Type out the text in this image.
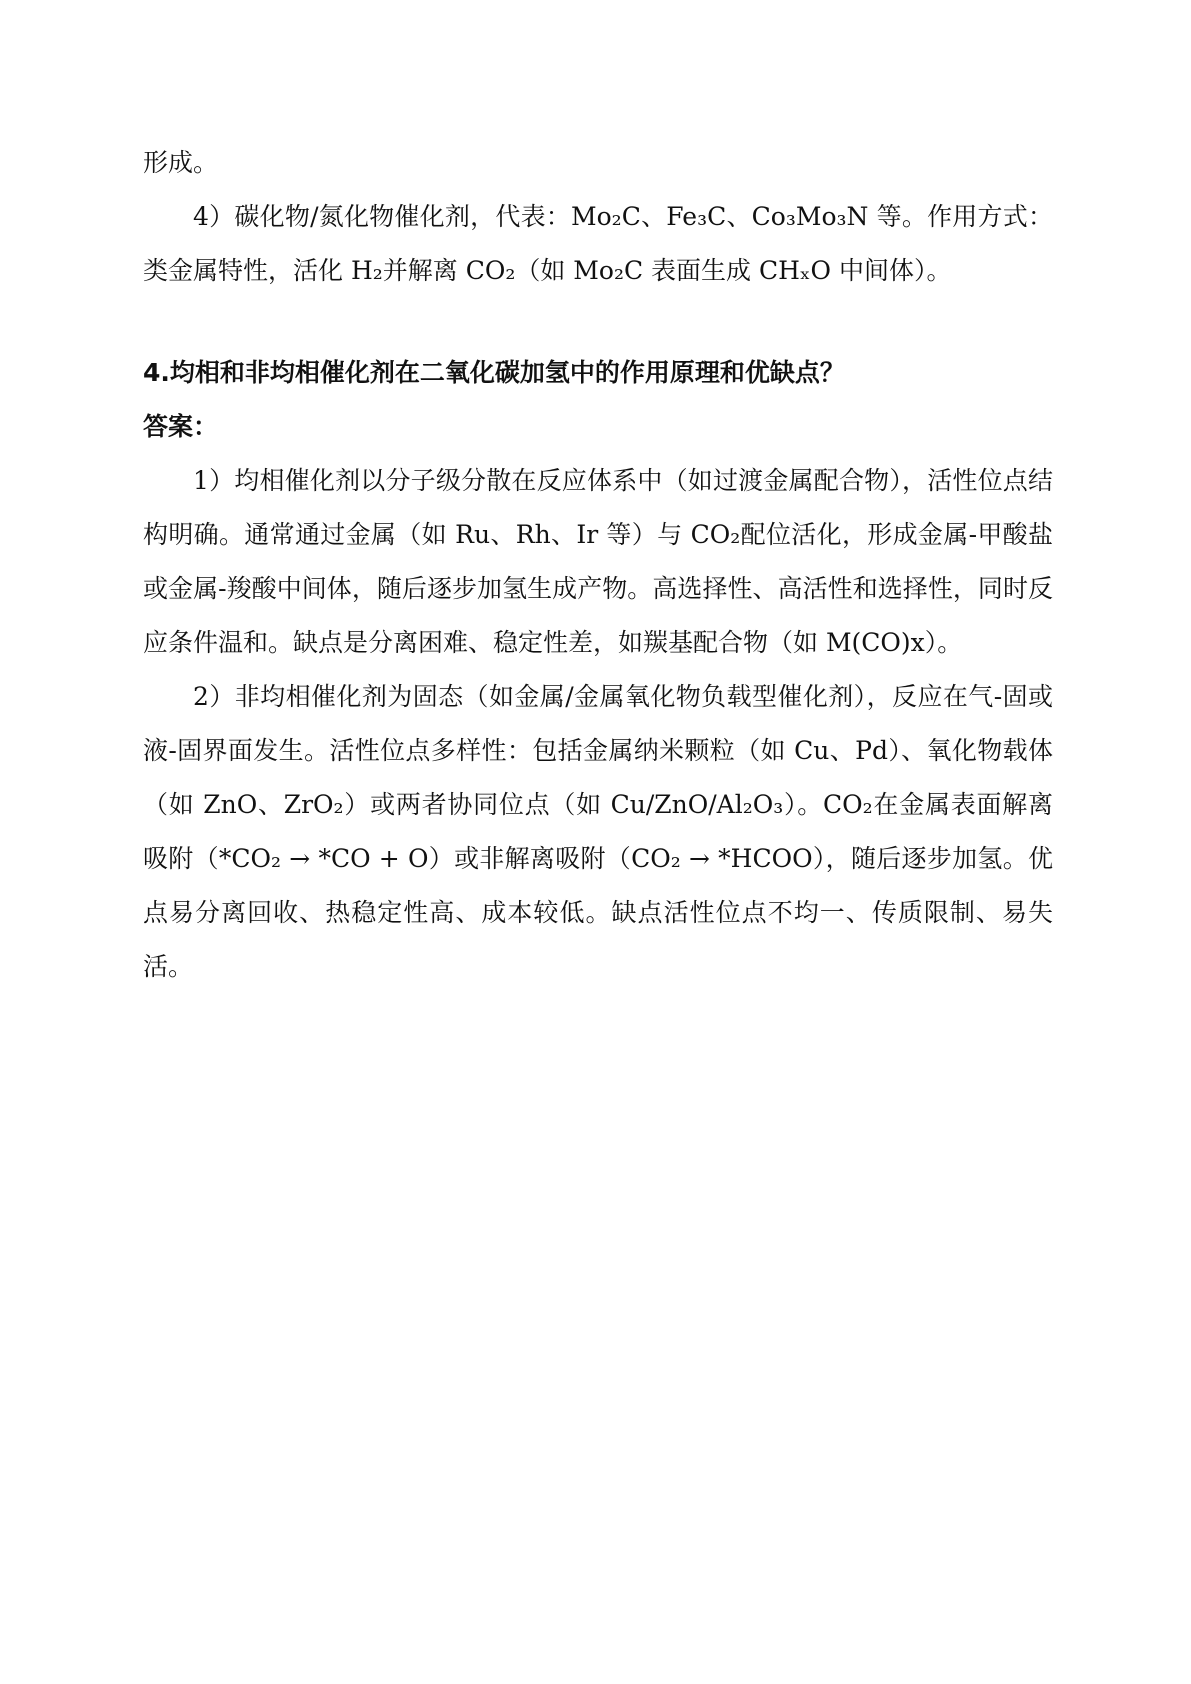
形成。

4）碳化物/氮化物催化剂，代表：Mo₂C、Fe₃C、Co₃Mo₃N 等。作用方式：类金属特性，活化 H₂并解离 CO₂（如 Mo₂C 表面生成 CHₓO 中间体）。

4.均相和非均相催化剂在二氧化碳加氢中的作用原理和优缺点？

答案：

1）均相催化剂以分子级分散在反应体系中（如过渡金属配合物），活性位点结构明确。通常通过金属（如 Ru、Rh、Ir 等）与 CO₂配位活化，形成金属-甲酸盐或金属-羧酸中间体，随后逐步加氢生成产物。高选择性、高活性和选择性，同时反应条件温和。缺点是分离困难、稳定性差，如羰基配合物（如 M(CO)x）。

2）非均相催化剂为固态（如金属/金属氧化物负载型催化剂），反应在气-固或液-固界面发生。活性位点多样性：包括金属纳米颗粒（如 Cu、Pd）、氧化物载体（如 ZnO、ZrO₂）或两者协同位点（如 Cu/ZnO/Al₂O₃）。CO₂在金属表面解离吸附（*CO₂ → *CO + O）或非解离吸附（CO₂ → *HCOO），随后逐步加氢。优点易分离回收、热稳定性高、成本较低。缺点活性位点不均一、传质限制、易失活。
